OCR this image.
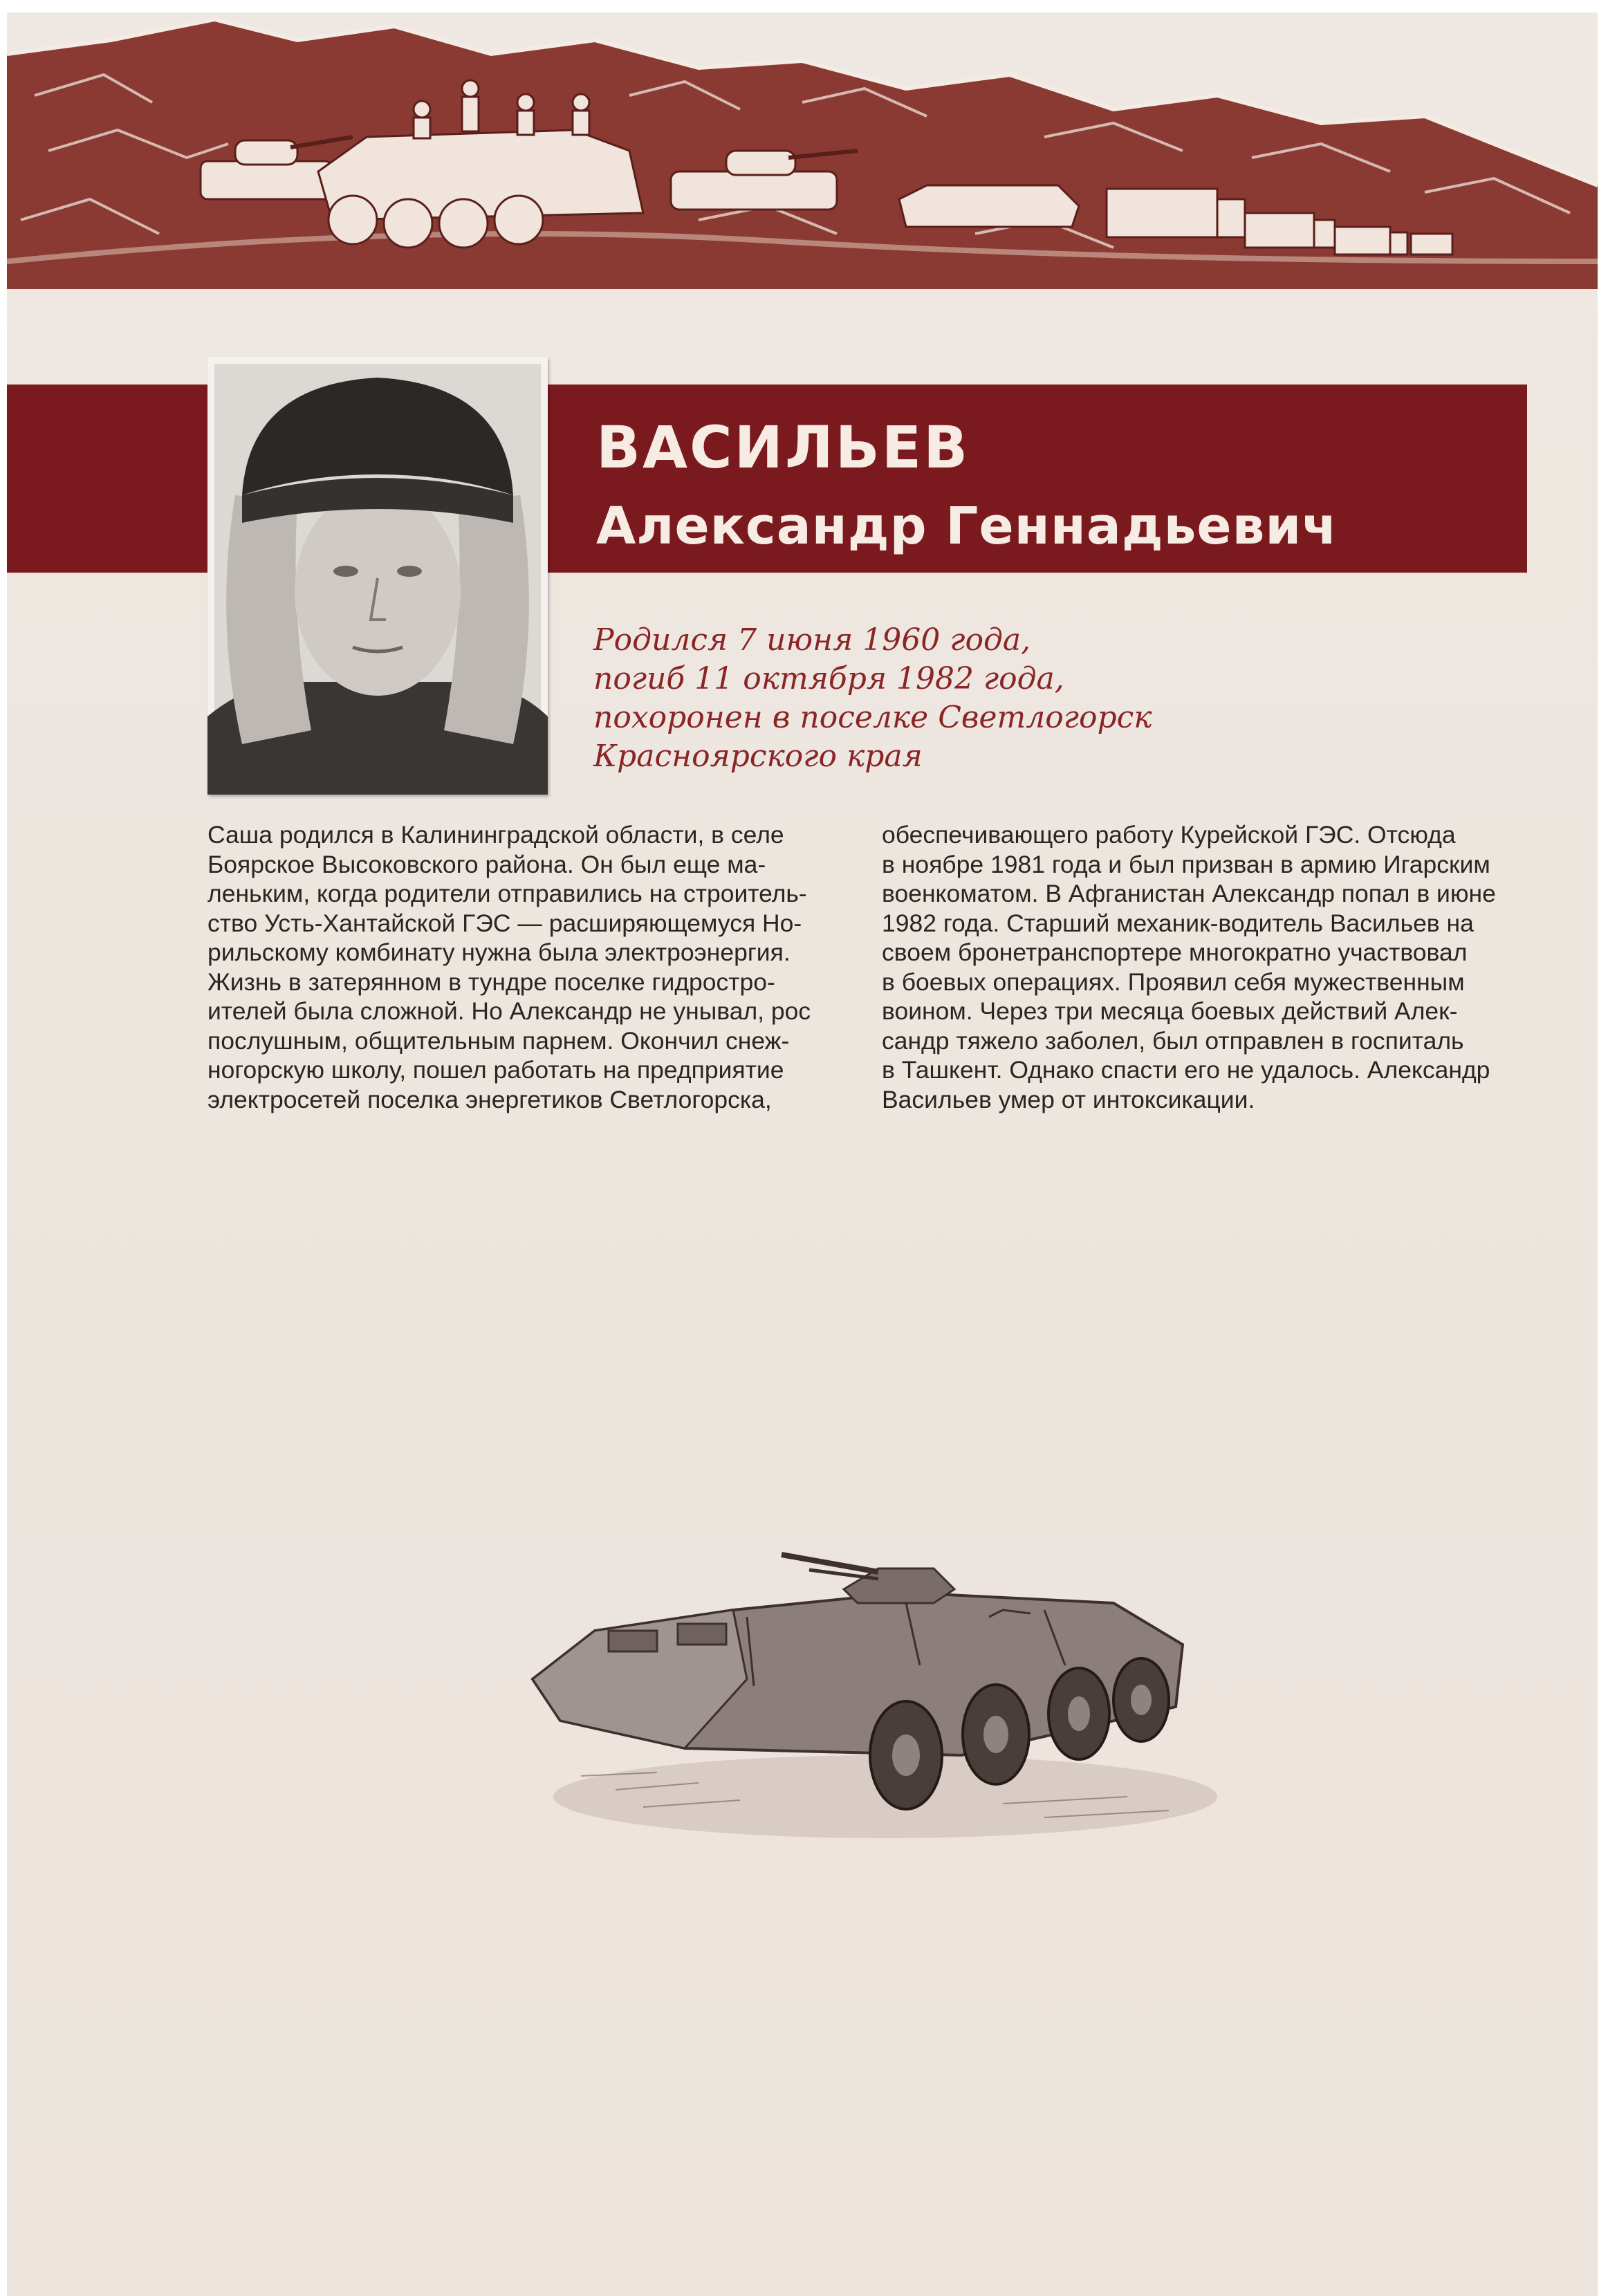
ВАСИЛЬЕВ
Александр Геннадьевич
Родился 7 июня 1960 года,
погиб 11 октября 1982 года,
похоронен в поселке Светлогорск
Красноярского края
Саша родился в Калининградской области, в селе
Боярское Высоковского района. Он был еще ма-
леньким, когда родители отправились на строитель-
ство Усть-Хантайской ГЭС — расширяющемуся Но-
рильскому комбинату нужна была электроэнергия.
Жизнь в затерянном в тундре поселке гидростро-
ителей была сложной. Но Александр не унывал, рос
послушным, общительным парнем. Окончил снеж-
ногорскую школу, пошел работать на предприятие
электросетей поселка энергетиков Светлогорска,
обеспечивающего работу Курейской ГЭС. Отсюда
в ноябре 1981 года и был призван в армию Игарским
военкоматом. В Афганистан Александр попал в июне
1982 года. Старший механик-водитель Васильев на
своем бронетранспортере многократно участвовал
в боевых операциях. Проявил себя мужественным
воином. Через три месяца боевых действий Алек-
сандр тяжело заболел, был отправлен в госпиталь
в Ташкент. Однако спасти его не удалось. Александр
Васильев умер от интоксикации.
